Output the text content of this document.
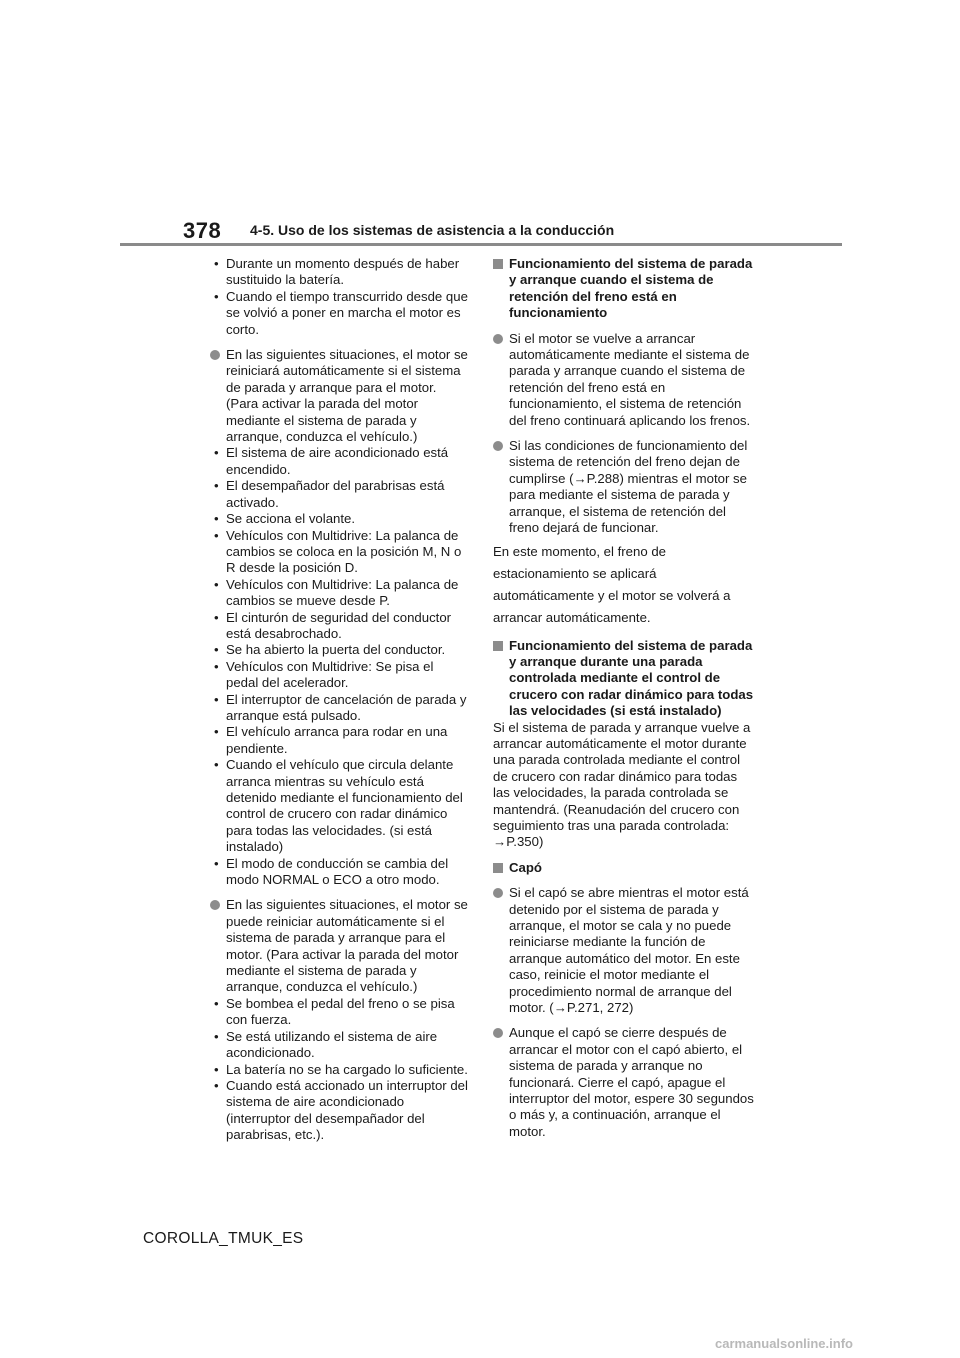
378 4-5. Uso de los sistemas de asistencia a la conducción
• Durante un momento después de haber sustituido la batería.
• Cuando el tiempo transcurrido desde que se volvió a poner en marcha el motor es corto.
En las siguientes situaciones, el motor se reiniciará automáticamente si el sistema de parada y arranque para el motor. (Para activar la parada del motor mediante el sistema de parada y arranque, conduzca el vehículo.)
• El sistema de aire acondicionado está encendido.
• El desempañador del parabrisas está activado.
• Se acciona el volante.
• Vehículos con Multidrive: La palanca de cambios se coloca en la posición M, N o R desde la posición D.
• Vehículos con Multidrive: La palanca de cambios se mueve desde P.
• El cinturón de seguridad del conductor está desabrochado.
• Se ha abierto la puerta del conductor.
• Vehículos con Multidrive: Se pisa el pedal del acelerador.
• El interruptor de cancelación de parada y arranque está pulsado.
• El vehículo arranca para rodar en una pendiente.
• Cuando el vehículo que circula delante arranca mientras su vehículo está detenido mediante el funcionamiento del control de crucero con radar dinámico para todas las velocidades. (si está instalado)
• El modo de conducción se cambia del modo NORMAL o ECO a otro modo.
En las siguientes situaciones, el motor se puede reiniciar automáticamente si el sistema de parada y arranque para el motor. (Para activar la parada del motor mediante el sistema de parada y arranque, conduzca el vehículo.)
• Se bombea el pedal del freno o se pisa con fuerza.
• Se está utilizando el sistema de aire acondicionado.
• La batería no se ha cargado lo suficiente.
• Cuando está accionado un interruptor del sistema de aire acondicionado (interruptor del desempañador del parabrisas, etc.).
Funcionamiento del sistema de parada y arranque cuando el sistema de retención del freno está en funcionamiento
Si el motor se vuelve a arrancar automáticamente mediante el sistema de parada y arranque cuando el sistema de retención del freno está en funcionamiento, el sistema de retención del freno continuará aplicando los frenos.
Si las condiciones de funcionamiento del sistema de retención del freno dejan de cumplirse (→P.288) mientras el motor se para mediante el sistema de parada y arranque, el sistema de retención del freno dejará de funcionar.
En este momento, el freno de estacionamiento se aplicará automáticamente y el motor se volverá a arrancar automáticamente.
Funcionamiento del sistema de parada y arranque durante una parada controlada mediante el control de crucero con radar dinámico para todas las velocidades (si está instalado)
Si el sistema de parada y arranque vuelve a arrancar automáticamente el motor durante una parada controlada mediante el control de crucero con radar dinámico para todas las velocidades, la parada controlada se mantendrá. (Reanudación del crucero con seguimiento tras una parada controlada: →P.350)
Capó
Si el capó se abre mientras el motor está detenido por el sistema de parada y arranque, el motor se cala y no puede reiniciarse mediante la función de arranque automático del motor. En este caso, reinicie el motor mediante el procedimiento normal de arranque del motor. (→P.271, 272)
Aunque el capó se cierre después de arrancar el motor con el capó abierto, el sistema de parada y arranque no funcionará. Cierre el capó, apague el interruptor del motor, espere 30 segundos o más y, a continuación, arranque el motor.
COROLLA_TMUK_ES
carmanualsonline.info
